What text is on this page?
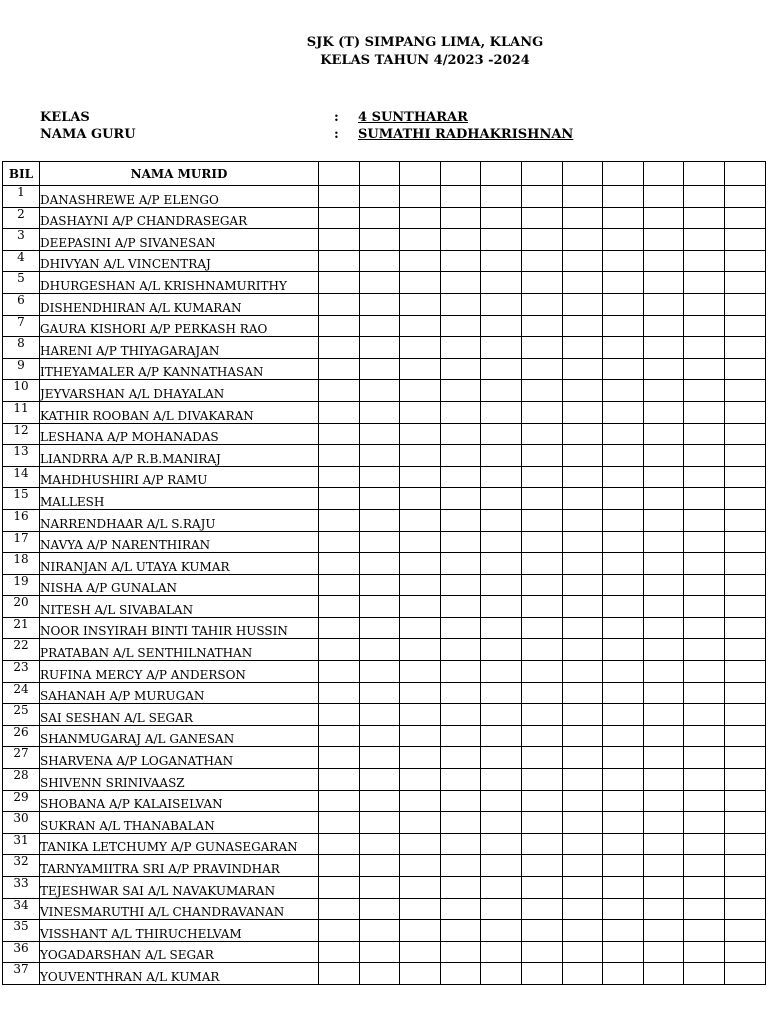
SJK (T) SIMPANG LIMA, KLANG
KELAS TAHUN 4/2023 -2024
KELAS	: 4 SUNTHARAR
NAMA GURU	: SUMATHI RADHAKRISHNAN
BIL	NAMA MURID											
1	DANASHREWE A/P ELENGO											
2	DASHAYNI A/P CHANDRASEGAR											
3	DEEPASINI A/P SIVANESAN											
4	DHIVYAN A/L VINCENTRAJ											
5	DHURGESHAN A/L KRISHNAMURITHY											
6	DISHENDHIRAN A/L KUMARAN											
7	GAURA KISHORI A/P PERKASH RAO											
8	HARENI A/P THIYAGARAJAN											
9	ITHEYAMALER A/P KANNATHASAN											
10	JEYVARSHAN A/L DHAYALAN											
11	KATHIR ROOBAN A/L DIVAKARAN											
12	LESHANA A/P MOHANADAS											
13	LIANDRRA A/P R.B.MANIRAJ											
14	MAHDHUSHIRI A/P RAMU											
15	MALLESH											
16	NARRENDHAAR A/L S.RAJU											
17	NAVYA A/P NARENTHIRAN											
18	NIRANJAN A/L UTAYA KUMAR											
19	NISHA A/P GUNALAN											
20	NITESH A/L SIVABALAN											
21	NOOR INSYIRAH BINTI TAHIR HUSSIN											
22	PRATABAN A/L SENTHILNATHAN											
23	RUFINA MERCY A/P ANDERSON											
24	SAHANAH A/P MURUGAN											
25	SAI SESHAN A/L SEGAR											
26	SHANMUGARAJ A/L GANESAN											
27	SHARVENA A/P LOGANATHAN											
28	SHIVENN SRINIVAASZ											
29	SHOBANA A/P KALAISELVAN											
30	SUKRAN A/L THANABALAN											
31	TANIKA LETCHUMY A/P GUNASEGARAN											
32	TARNYAMIITRA SRI A/P PRAVINDHAR											
33	TEJESHWAR SAI A/L NAVAKUMARAN											
34	VINESMARUTHI A/L CHANDRAVANAN											
35	VISSHANT A/L THIRUCHELVAM											
36	YOGADARSHAN A/L SEGAR											
37	YOUVENTHRAN A/L KUMAR											
